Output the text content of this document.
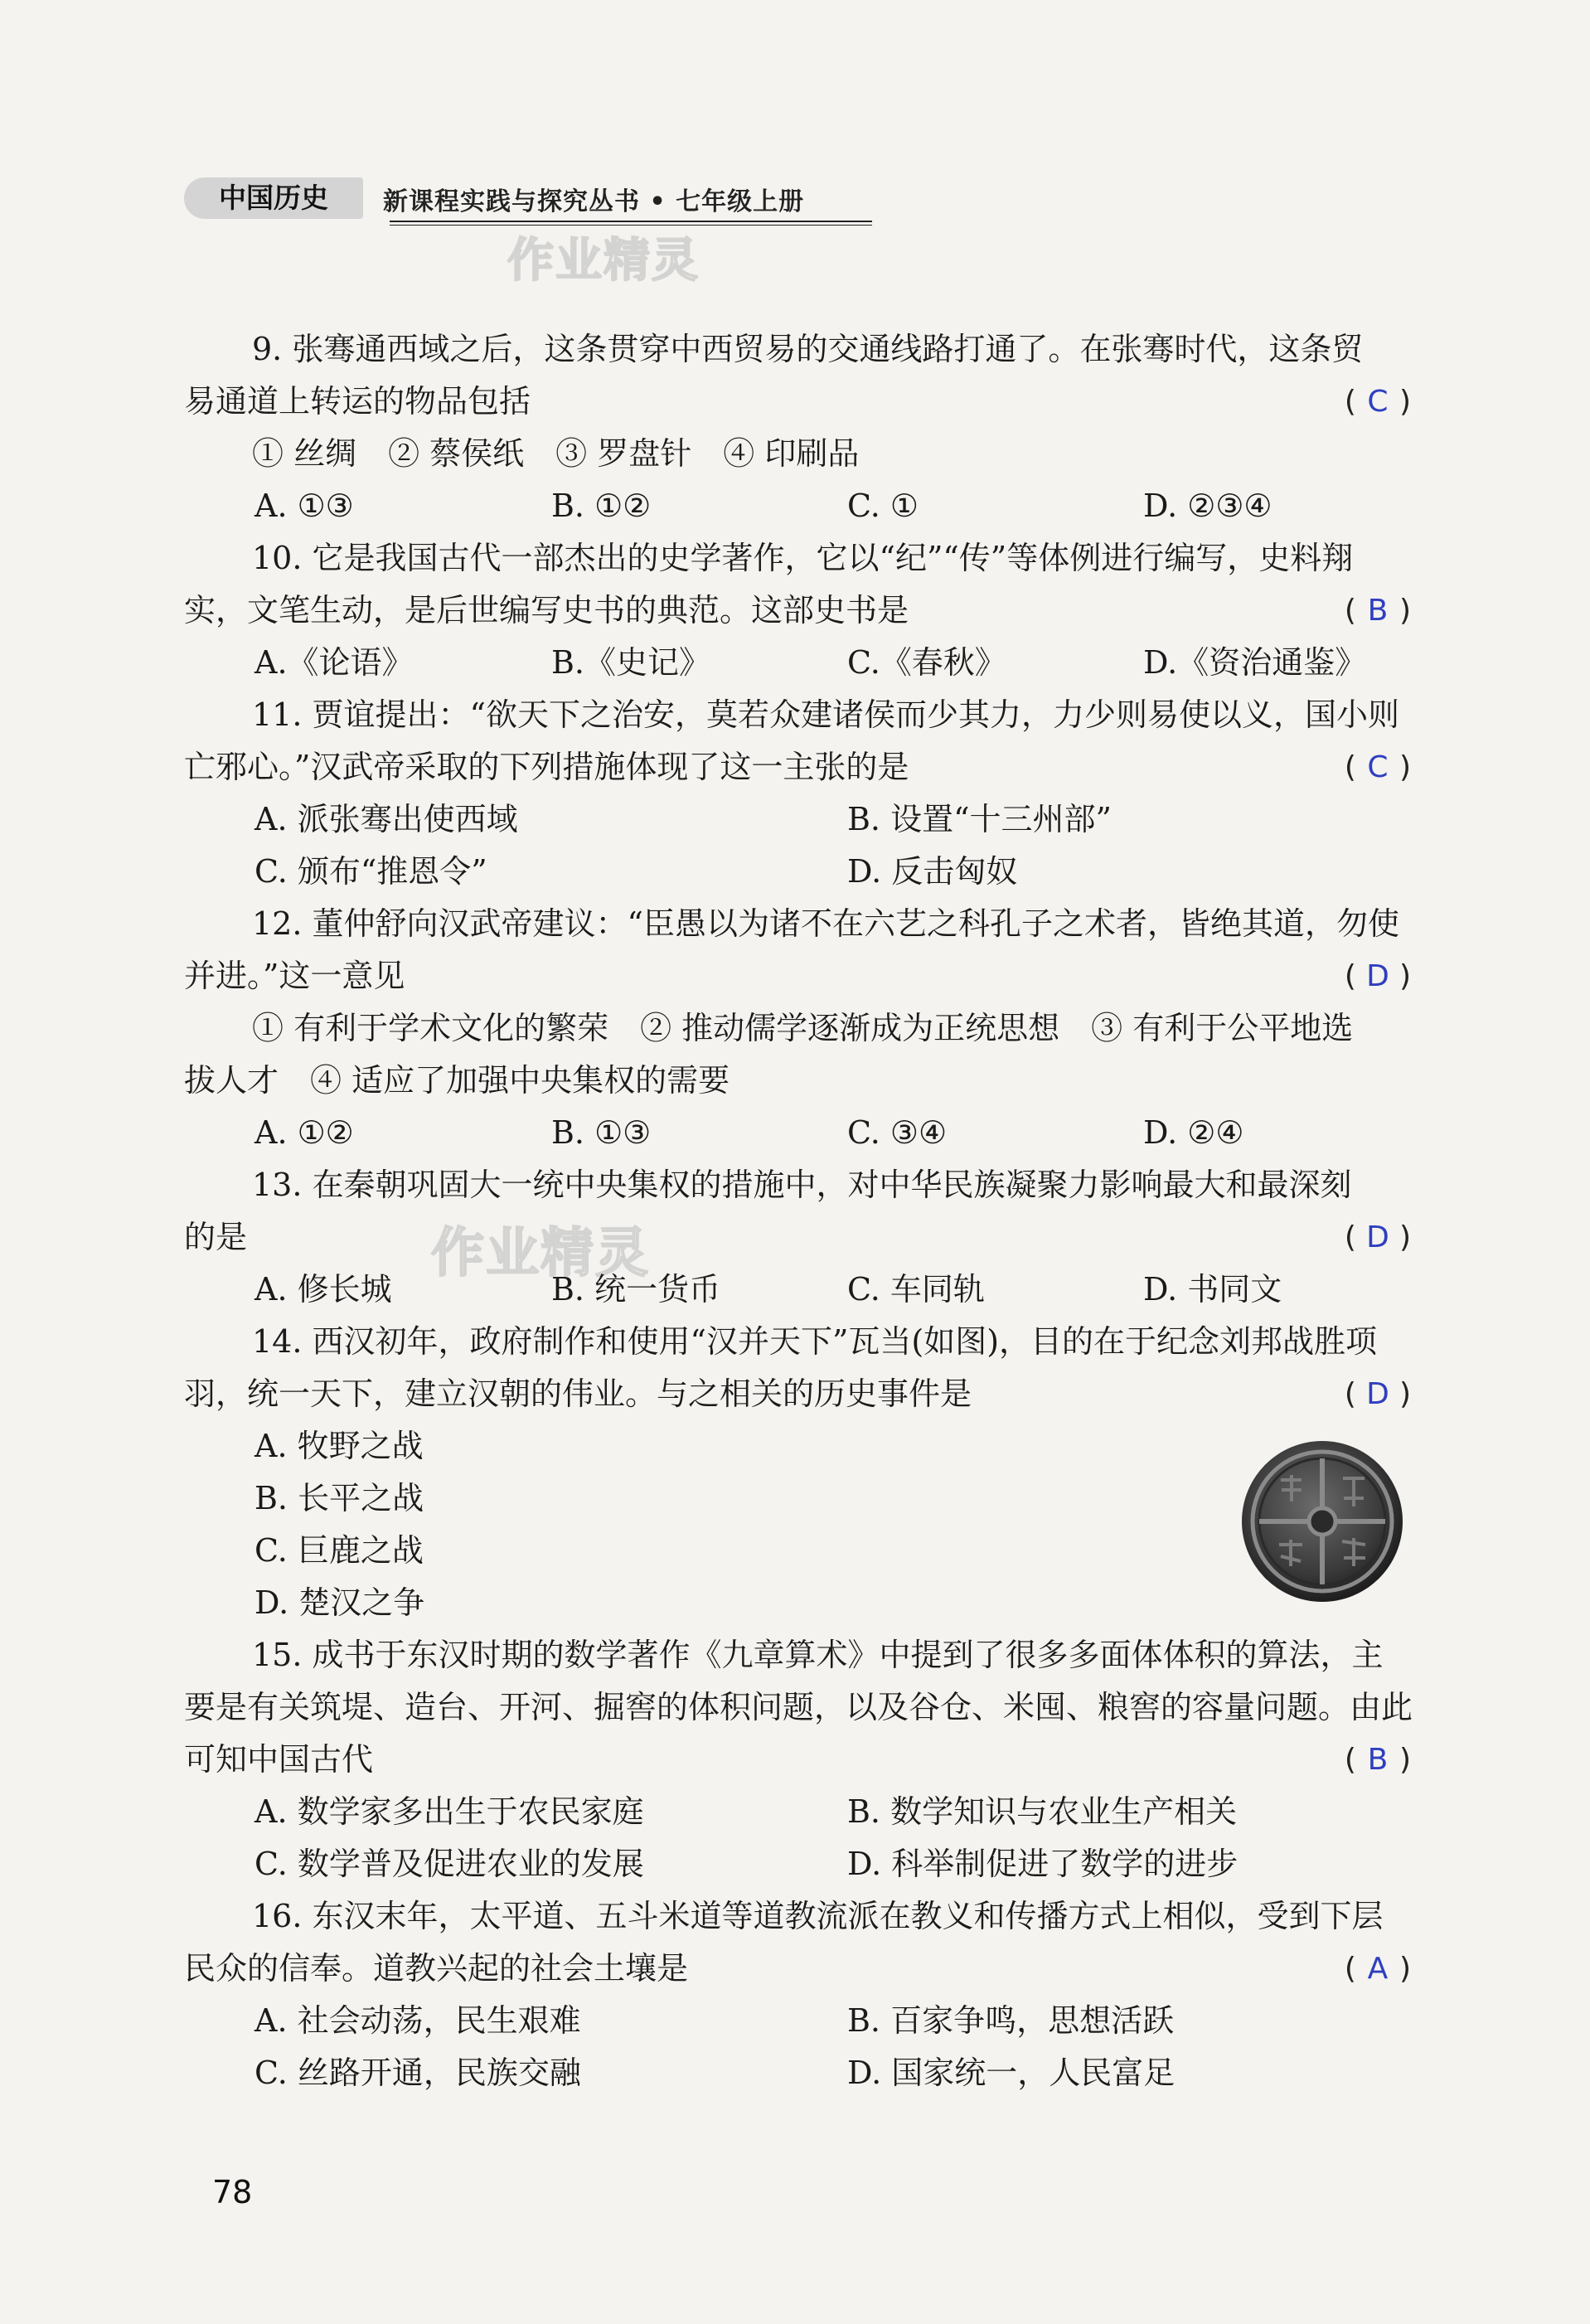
中国历史	新课程实践与探究丛书 • 七年级上册
作业精灵
作业精灵
9. 张骞通西域之后，这条贯穿中西贸易的交通线路打通了。在张骞时代，这条贸
易通道上转运的物品包括	( C )
① 丝绸　② 蔡侯纸　③ 罗盘针　④ 印刷品
A. ①③	B. ①②	C. ①	D. ②③④
10. 它是我国古代一部杰出的史学著作，它以“纪”“传”等体例进行编写，史料翔
实，文笔生动，是后世编写史书的典范。这部史书是	( B )
A.《论语》	B.《史记》	C.《春秋》	D.《资治通鉴》
11. 贾谊提出：“欲天下之治安，莫若众建诸侯而少其力，力少则易使以义，国小则
亡邪心。”汉武帝采取的下列措施体现了这一主张的是	( C )
A. 派张骞出使西域	B. 设置“十三州部”
C. 颁布“推恩令”	D. 反击匈奴
12. 董仲舒向汉武帝建议：“臣愚以为诸不在六艺之科孔子之术者，皆绝其道，勿使
并进。”这一意见	( D )
① 有利于学术文化的繁荣　② 推动儒学逐渐成为正统思想　③ 有利于公平地选
拔人才　④ 适应了加强中央集权的需要
A. ①②	B. ①③	C. ③④	D. ②④
13. 在秦朝巩固大一统中央集权的措施中，对中华民族凝聚力影响最大和最深刻
的是	( D )
A. 修长城	B. 统一货币	C. 车同轨	D. 书同文
14. 西汉初年，政府制作和使用“汉并天下”瓦当(如图)，目的在于纪念刘邦战胜项
羽，统一天下，建立汉朝的伟业。与之相关的历史事件是	( D )
A. 牧野之战
B. 长平之战
C. 巨鹿之战
D. 楚汉之争
15. 成书于东汉时期的数学著作《九章算术》中提到了很多多面体体积的算法，主
要是有关筑堤、造台、开河、掘窖的体积问题，以及谷仓、米囤、粮窖的容量问题。由此
可知中国古代	( B )
A. 数学家多出生于农民家庭	B. 数学知识与农业生产相关
C. 数学普及促进农业的发展	D. 科举制促进了数学的进步
16. 东汉末年，太平道、五斗米道等道教流派在教义和传播方式上相似，受到下层
民众的信奉。道教兴起的社会土壤是	( A )
A. 社会动荡，民生艰难	B. 百家争鸣，思想活跃
C. 丝路开通，民族交融	D. 国家统一，人民富足
78
